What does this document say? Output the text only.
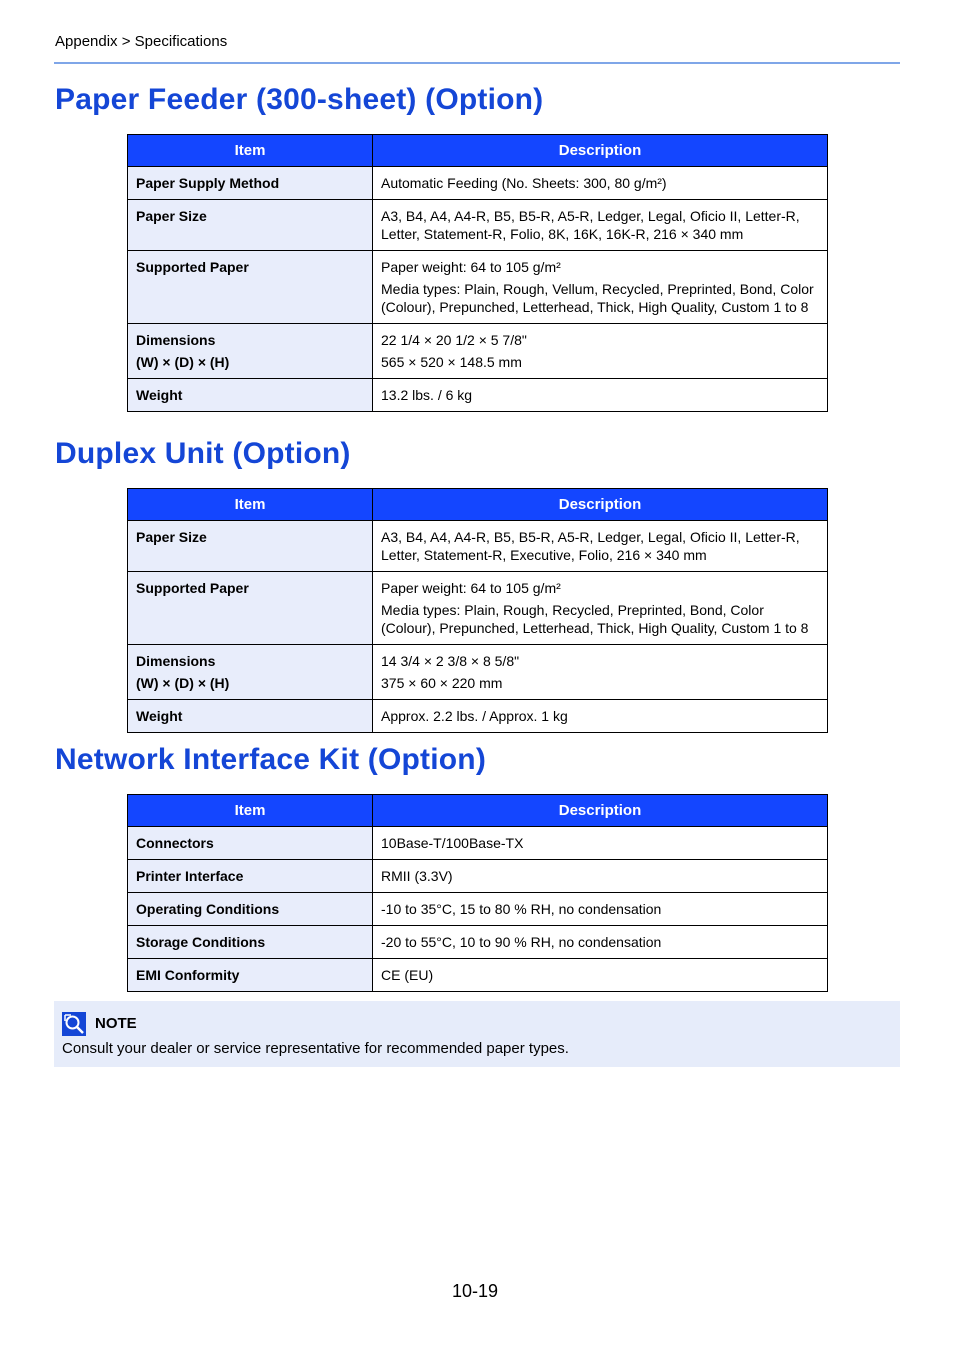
Appendix > Specifications
Paper Feeder (300-sheet) (Option)
Item	Description

Paper Supply Method	Automatic Feeding (No. Sheets: 300, 80 g/m²)

Paper Size	A3, B4, A4, A4-R, B5, B5-R, A5-R, Ledger, Legal, Oficio II, Letter-R, Letter, Statement-R, Folio, 8K, 16K, 16K-R, 216 × 340 mm

Supported Paper	Paper weight: 64 to 105 g/m²
Media types: Plain, Rough, Vellum, Recycled, Preprinted, Bond, Color (Colour), Prepunched, Letterhead, Thick, High Quality, Custom 1 to 8

Dimensions
(W) × (D) × (H)	22 1/4 × 20 1/2 × 5 7/8"
565 × 520 × 148.5 mm

Weight	13.2 lbs. / 6 kg
Duplex Unit (Option)
Item	Description

Paper Size	A3, B4, A4, A4-R, B5, B5-R, A5-R, Ledger, Legal, Oficio II, Letter-R, Letter, Statement-R, Executive, Folio, 216 × 340 mm

Supported Paper	Paper weight: 64 to 105 g/m²
Media types: Plain, Rough, Recycled, Preprinted, Bond, Color (Colour), Prepunched, Letterhead, Thick, High Quality, Custom 1 to 8

Dimensions
(W) × (D) × (H)	14 3/4 × 2 3/8 × 8 5/8"
375 × 60 × 220 mm

Weight	Approx. 2.2 lbs. / Approx. 1 kg
Network Interface Kit (Option)
Item	Description

Connectors	10Base-T/100Base-TX

Printer Interface	RMII (3.3V)

Operating Conditions	-10 to 35°C, 15 to 80 % RH, no condensation

Storage Conditions	-20 to 55°C, 10 to 90 % RH, no condensation

EMI Conformity	CE (EU)
NOTE
Consult your dealer or service representative for recommended paper types.
10-19
